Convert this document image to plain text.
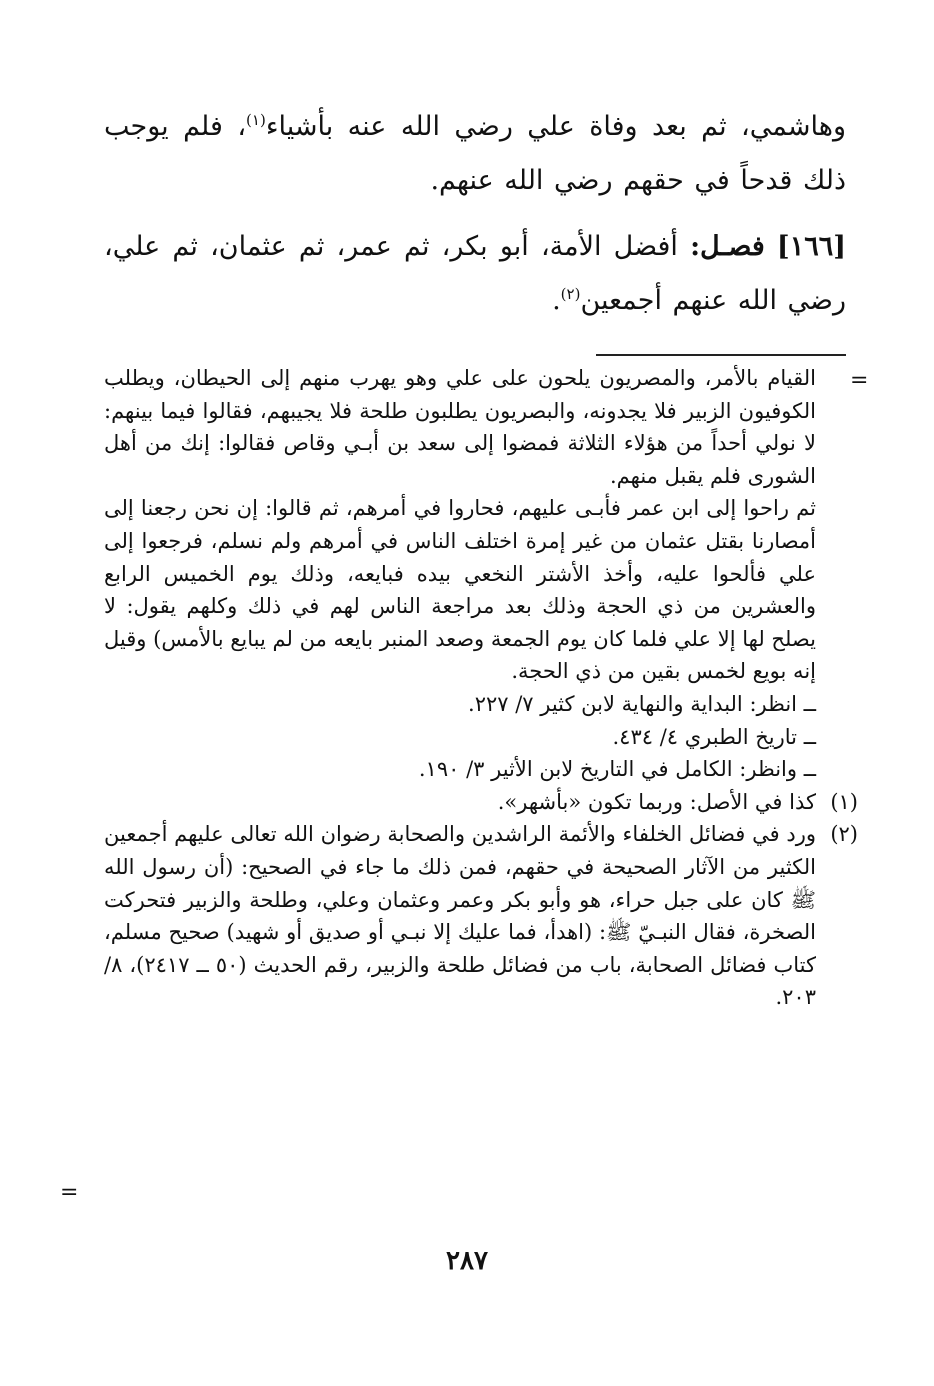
وهاشمي، ثم بعد وفاة علي رضي الله عنه بأشياء$^{(١)}$، فلم يوجب ذلك قدحاً في حقهم رضي الله عنهم.

[١٦٦] فصـل: أفضل الأمة، أبو بكر، ثم عمر، ثم عثمان، ثم علي، رضي الله عنهم أجمعين$^{(٢)}$.

=

القيام بالأمر، والمصريون يلحون على علي وهو يهرب منهم إلى الحيطان، ويطلب الكوفيون الزبير فلا يجدونه، والبصريون يطلبون طلحة فلا يجيبهم، فقالوا فيما بينهم: لا نولي أحداً من هؤلاء الثلاثة فمضوا إلى سعد بن أبـي وقاص فقالوا: إنك من أهل الشورى فلم يقبل منهم.

ثم راحوا إلى ابن عمر فأبـى عليهم، فحاروا في أمرهم، ثم قالوا: إن نحن رجعنا إلى أمصارنا بقتل عثمان من غير إمرة اختلف الناس في أمرهم ولم نسلم، فرجعوا إلى علي فألحوا عليه، وأخذ الأشتر النخعي بيده فبايعه، وذلك يوم الخميس الرابع والعشرين من ذي الحجة وذلك بعد مراجعة الناس لهم في ذلك وكلهم يقول: لا يصلح لها إلا علي فلما كان يوم الجمعة وصعد المنبر بايعه من لم يبايع بالأمس) وقيل إنه بويع لخمس بقين من ذي الحجة.

ــ انظر: البداية والنهاية لابن كثير ٧/ ٢٢٧.

ــ تاريخ الطبري ٤/ ٤٣٤.

ــ وانظر: الكامل في التاريخ لابن الأثير ٣/ ١٩٠.

(١)
كذا في الأصل: وربما تكون «بأشهر».

(٢)
ورد في فضائل الخلفاء والأئمة الراشدين والصحابة رضوان الله تعالى عليهم أجمعين الكثير من الآثار الصحيحة في حقهم، فمن ذلك ما جاء في الصحيح: (أن رسول الله ﷺ كان على جبل حراء، هو وأبو بكر وعمر وعثمان وعلي، وطلحة والزبير فتحركت الصخرة، فقال النبـيّ ﷺ: (اهدأ، فما عليك إلا نبـي أو صديق أو شهيد) صحيح مسلم، كتاب فضائل الصحابة، باب من فضائل طلحة والزبير، رقم الحديث (٥٠ ــ ٢٤١٧)، ٨/ ٢٠٣.

=
٢٨٧
